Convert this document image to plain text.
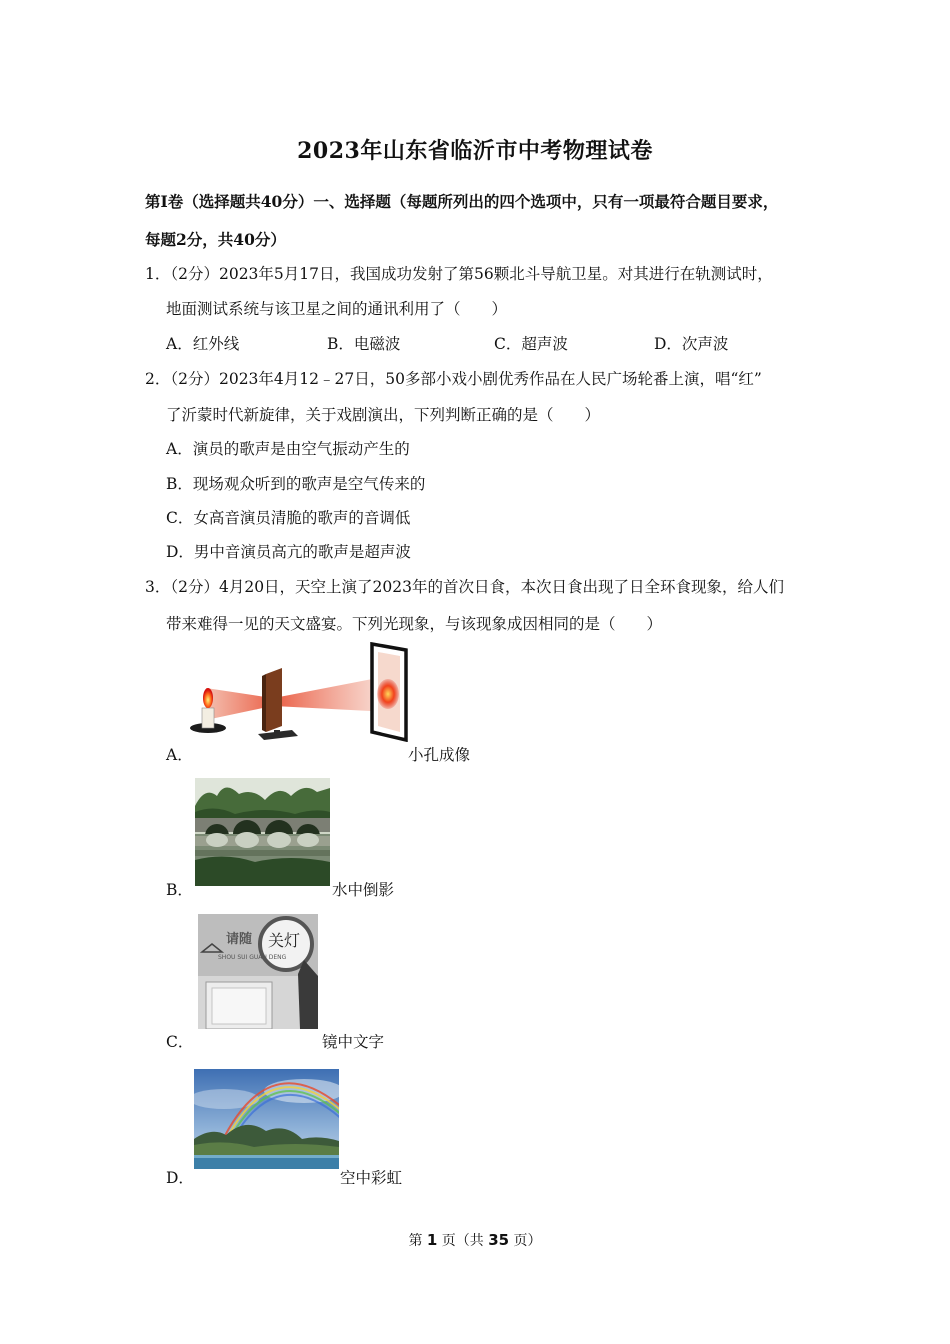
2023年山东省临沂市中考物理试卷
第Ⅰ卷（选择题共40分）一、选择题（每题所列出的四个选项中，只有一项最符合题目要求，
每题2分，共40分）
1．（2分）2023年5月17日，我国成功发射了第56颗北斗导航卫星。对其进行在轨测试时，
地面测试系统与该卫星之间的通讯利用了（　　）
A．红外线	B．电磁波	C．超声波	D．次声波
2．（2分）2023年4月12﹣27日，50多部小戏小剧优秀作品在人民广场轮番上演，唱“红”
了沂蒙时代新旋律，关于戏剧演出，下列判断正确的是（　　）
A．演员的歌声是由空气振动产生的
B．现场观众听到的歌声是空气传来的
C．女高音演员清脆的歌声的音调低
D．男中音演员高亢的歌声是超声波
3．（2分）4月20日，天空上演了2023年的首次日食，本次日食出现了日全环食现象，给人们
带来难得一见的天文盛宴。下列光现象，与该现象成因相同的是（　　）
A．	小孔成像
B．	水中倒影
C．
请随 关灯
SHOU SUI GUAN DENG
镜中文字
D．	空中彩虹
第 1 页（共 35 页）
